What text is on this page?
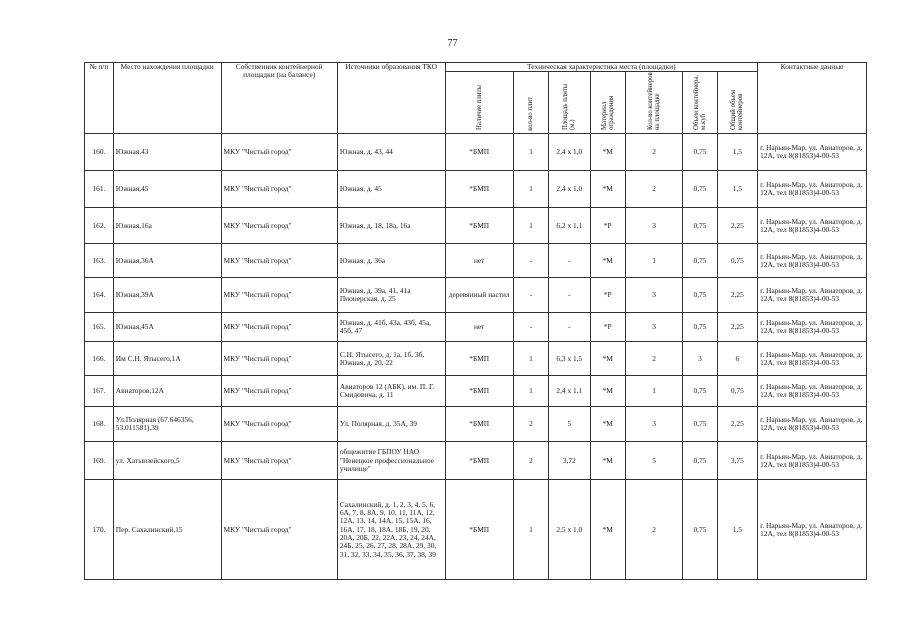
77
№ п/п	Место нахождения площадки	Собственник контейнерной площадки (на балансе)	Источники образования ТКО	Техническая характеристика места (площадки)							Контактные данные

				Наличие плиты	кол-во плит	Площадь плиты (м.)	Материал ограждения	Кол-во контейнеров на площадке	Объем контейнера, м.куб	Общий объем контейнеров	

160.	Южная,43	МКУ "Чистый город"	Южная, д. 43, 44	*БМП	1	2,4 х 1,0	*М	2	0,75	1,5	г. Нарьян-Мар, ул. Авиаторов, д. 12А, тел 8(81853)4-00-53
161.	Южная,45	МКУ "Чистый город"	Южная, д. 45	*БМП	1	2,4 х 1,0	*М	2	0,75	1,5	г. Нарьян-Мар, ул. Авиаторов, д. 12А, тел 8(81853)4-00-53
162.	Южная,16а	МКУ "Чистый город"	Южная, д. 18, 18а, 16а	*БМП	1	6,2 х 1,1	*Р	3	0,75	2,25	г. Нарьян-Мар, ул. Авиаторов, д. 12А, тел 8(81853)4-00-53
163.	Южная,36А	МКУ "Чистый город"	Южная, д. 36а	нет	-	-	*М	1	0,75	0,75	г. Нарьян-Мар, ул. Авиаторов, д. 12А, тел 8(81853)4-00-53
164.	Южная,39А	МКУ "Чистый город"	Южная, д. 39а, 41, 41а Пионерская, д. 25	деревянный настил	-	-	*Р	3	0,75	2,25	г. Нарьян-Мар, ул. Авиаторов, д. 12А, тел 8(81853)4-00-53
165.	Южная,45А	МКУ "Чистый город"	Южная, д. 41б, 43а, 43б, 45а, 45б, 47	нет	-	-	*Р	3	0,75	2,25	г. Нарьян-Мар, ул. Авиаторов, д. 12А, тел 8(81853)4-00-53
166.	Им С.Н. Ятысего,1А	МКУ "Чистый город"	С.Н. Ятысего, д. 1а, 1б, 3б, Южная, д. 20, 22	*БМП	1	6,3 х 1,5	*М	2	3	6	г. Нарьян-Мар, ул. Авиаторов, д. 12А, тел 8(81853)4-00-53
167.	Авиаторов,12А	МКУ "Чистый город"	Авиаторов 12 (АБК), им. П. Г. Смидовича, д. 11	*БМП	1	2,4 х 1,1	*М	1	0,75	0,75	г. Нарьян-Мар, ул. Авиаторов, д. 12А, тел 8(81853)4-00-53
168.	Ул.Полярная (67.646356, 53.011581),39	МКУ "Чистый город"	Ул. Полярная, д. 35А, 39	*БМП	2	5	*М	3	0,75	2,25	г. Нарьян-Мар, ул. Авиаторов, д. 12А, тел 8(81853)4-00-53
169.	ул. Хатынзейского,5	МКУ "Чистый город"	общежитие ГБПОУ НАО "Ненецкое профессиональное училище"	*БМП	2	3,72	*М	5	0,75	3,75	г. Нарьян-Мар, ул. Авиаторов, д. 12А, тел 8(81853)4-00-53
170.	Пер. Сахалинский,15	МКУ "Чистый город"	Сахалинский, д. 1, 2, 3, 4, 5, 6, 6А, 7, 8, 8А, 9, 10, 11, 11А, 12, 12А, 13, 14, 14А, 15, 15А, 16, 16А, 17, 18, 18А, 18Б, 19, 20, 20А, 20Б, 22, 22А, 23, 24, 24А, 24Б, 25, 26, 27, 28, 28А, 29, 30, 31, 32, 33, 34, 35, 36, 37, 38, 39	*БМП	1	2,5 х 1,0	*М	2	0,75	1,5	г. Нарьян-Мар, ул. Авиаторов, д. 12А, тел 8(81853)4-00-53
